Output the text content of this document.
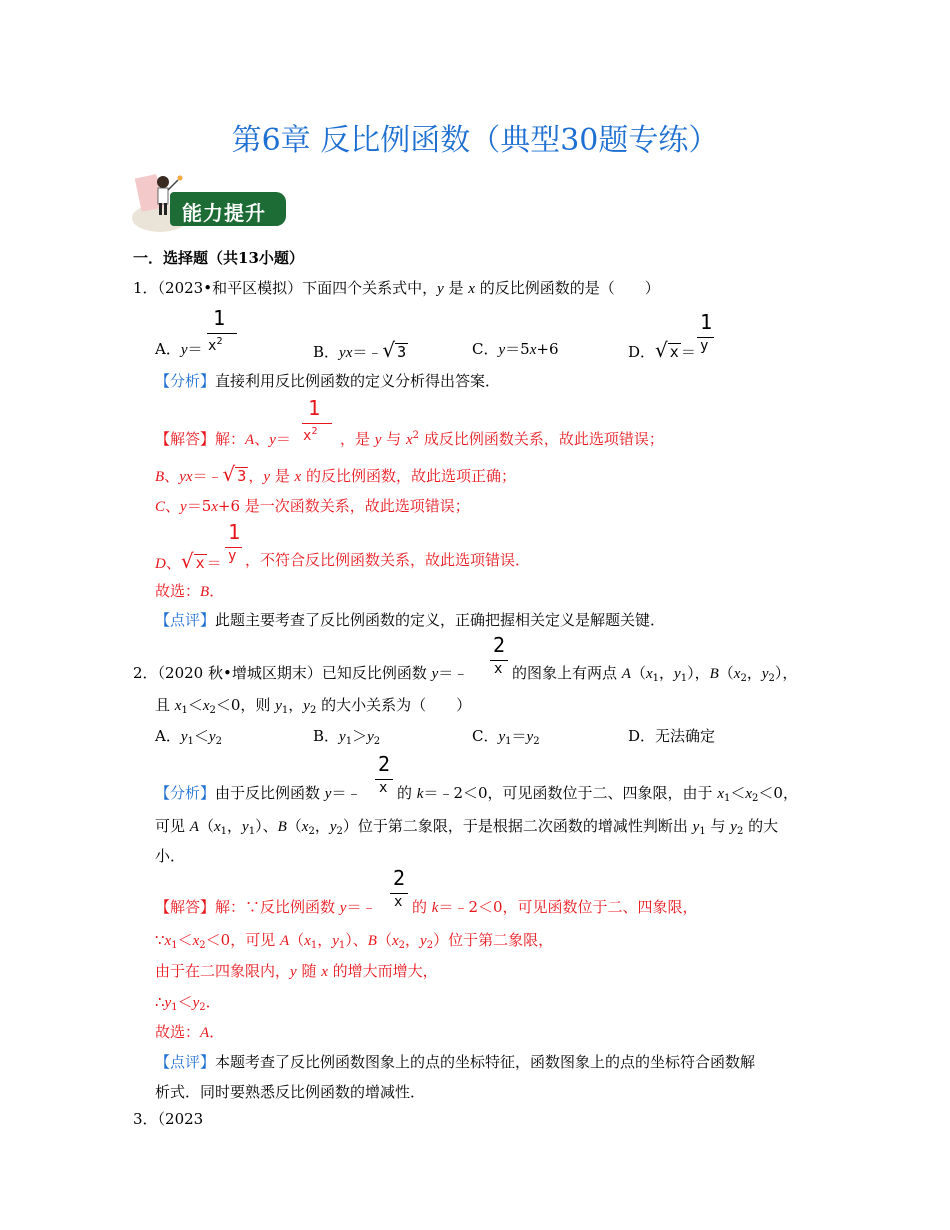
第6章 反比例函数（典型30题专练）
能力提升
一．选择题（共13小题）
1．（2023•和平区模拟）下面四个关系式中，y 是 x 的反比例函数的是（　　）
A．y＝
1
$x^2$
B．yx＝﹣√ 3	C．y＝5x+6	D．√ x ＝
1
y
【分析】直接利用反比例函数的定义分析得出答案．
【解答】解：A、y＝
1
$x^2$ ，是 y 与 $x^2$ 成反比例函数关系，故此选项错误；
B、yx＝﹣√ 3 ，y 是 x 的反比例函数，故此选项正确；
C、y＝5x+6 是一次函数关系，故此选项错误；
D、√ x ＝
1
y ，不符合反比例函数关系，故此选项错误．
故选：B．
【点评】此题主要考查了反比例函数的定义，正确把握相关定义是解题关键．
2．（2020 秋•增城区期末）已知反比例函数 y＝﹣
2
x 的图象上有两点 $A(x_1$，$y_1$），$B(x_2$，$y_2$），
且 $x_1<x_2<0$，则 $y_1$，$y_2$ 的大小关系为（　　）
A．$y_1<y_2$	B．$y_1>y_2$	C．$y_1=y_2$	D．无法确定
【分析】由于反比例函数 y＝﹣
2
x 的 k＝﹣2＜0，可见函数位于二、四象限，由于 $x_1<x_2<0$，
可见 $A(x_1$，$y_1$）、$B(x_2$，$y_2$）位于第二象限，于是根据二次函数的增减性判断出 $y_1$ 与 $y_2$ 的大
小．
【解答】解：∵反比例函数 y＝﹣
2
x 的 k＝﹣2＜0，可见函数位于二、四象限，
$\because x_1<x_2<0$，可见 $A(x_1$，$y_1$）、$B(x_2$，$y_2$）位于第二象限，
由于在二四象限内，y 随 x 的增大而增大，
$\therefore y_1<y_2$．
故选：A．
【点评】本题考查了反比例函数图象上的点的坐标特征，函数图象上的点的坐标符合函数解
析式．同时要熟悉反比例函数的增减性．
3．（2023
